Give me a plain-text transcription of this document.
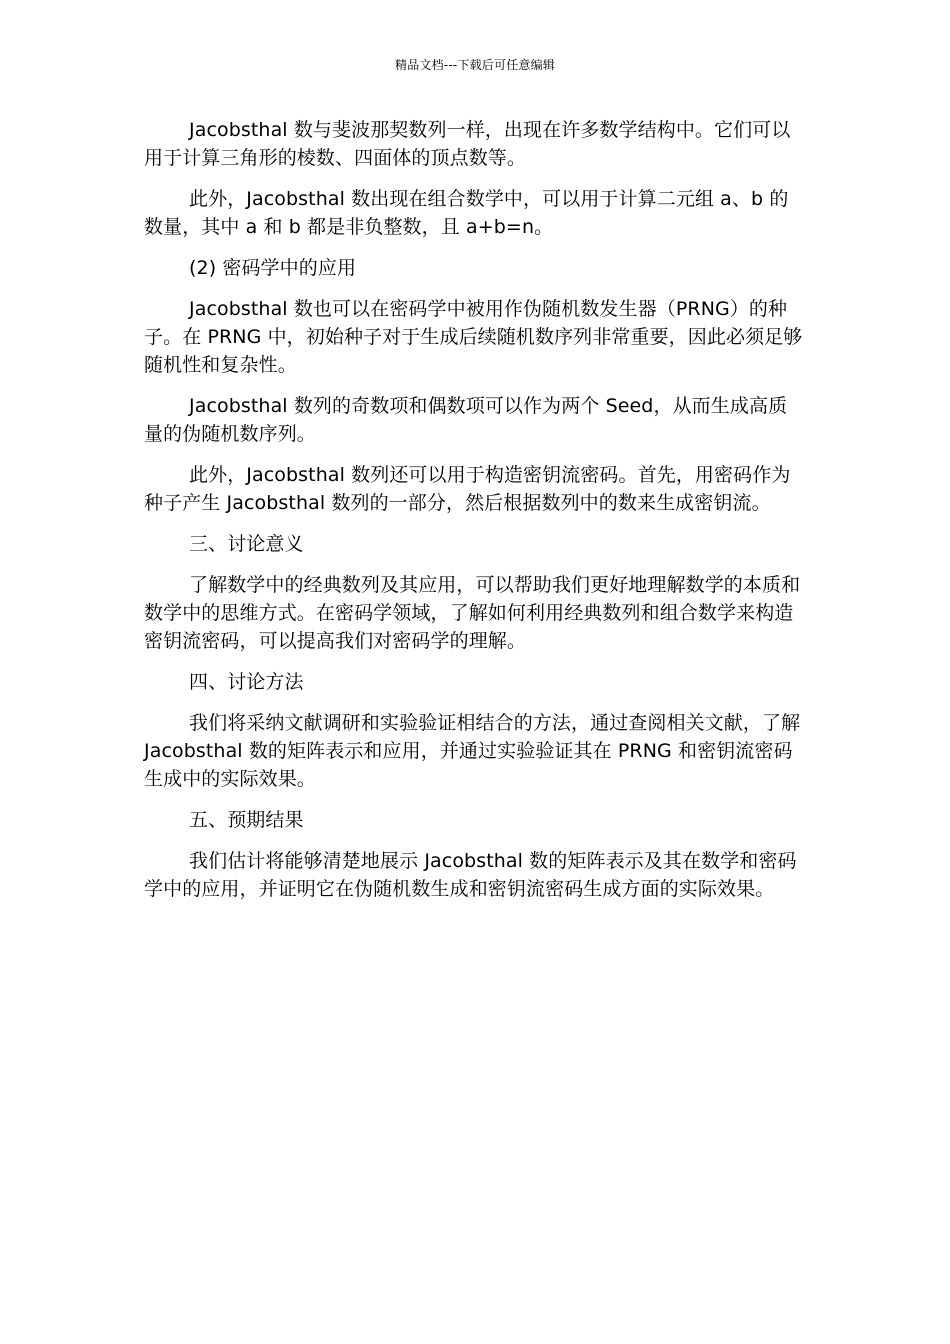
精品文档---下载后可任意编辑

Jacobsthal 数与斐波那契数列一样，出现在许多数学结构中。它们可以用于计算三角形的棱数、四面体的顶点数等。

此外，Jacobsthal 数出现在组合数学中，可以用于计算二元组 a、b 的数量，其中 a 和 b 都是非负整数，且 a+b=n。

(2) 密码学中的应用

Jacobsthal 数也可以在密码学中被用作伪随机数发生器（PRNG）的种子。在 PRNG 中，初始种子对于生成后续随机数序列非常重要，因此必须足够随机性和复杂性。

Jacobsthal 数列的奇数项和偶数项可以作为两个 Seed，从而生成高质量的伪随机数序列。

此外，Jacobsthal 数列还可以用于构造密钥流密码。首先，用密码作为种子产生 Jacobsthal 数列的一部分，然后根据数列中的数来生成密钥流。

三、讨论意义

了解数学中的经典数列及其应用，可以帮助我们更好地理解数学的本质和数学中的思维方式。在密码学领域，了解如何利用经典数列和组合数学来构造密钥流密码，可以提高我们对密码学的理解。

四、讨论方法

我们将采纳文献调研和实验验证相结合的方法，通过查阅相关文献，了解 Jacobsthal 数的矩阵表示和应用，并通过实验验证其在 PRNG 和密钥流密码生成中的实际效果。

五、预期结果

我们估计将能够清楚地展示 Jacobsthal 数的矩阵表示及其在数学和密码学中的应用，并证明它在伪随机数生成和密钥流密码生成方面的实际效果。
